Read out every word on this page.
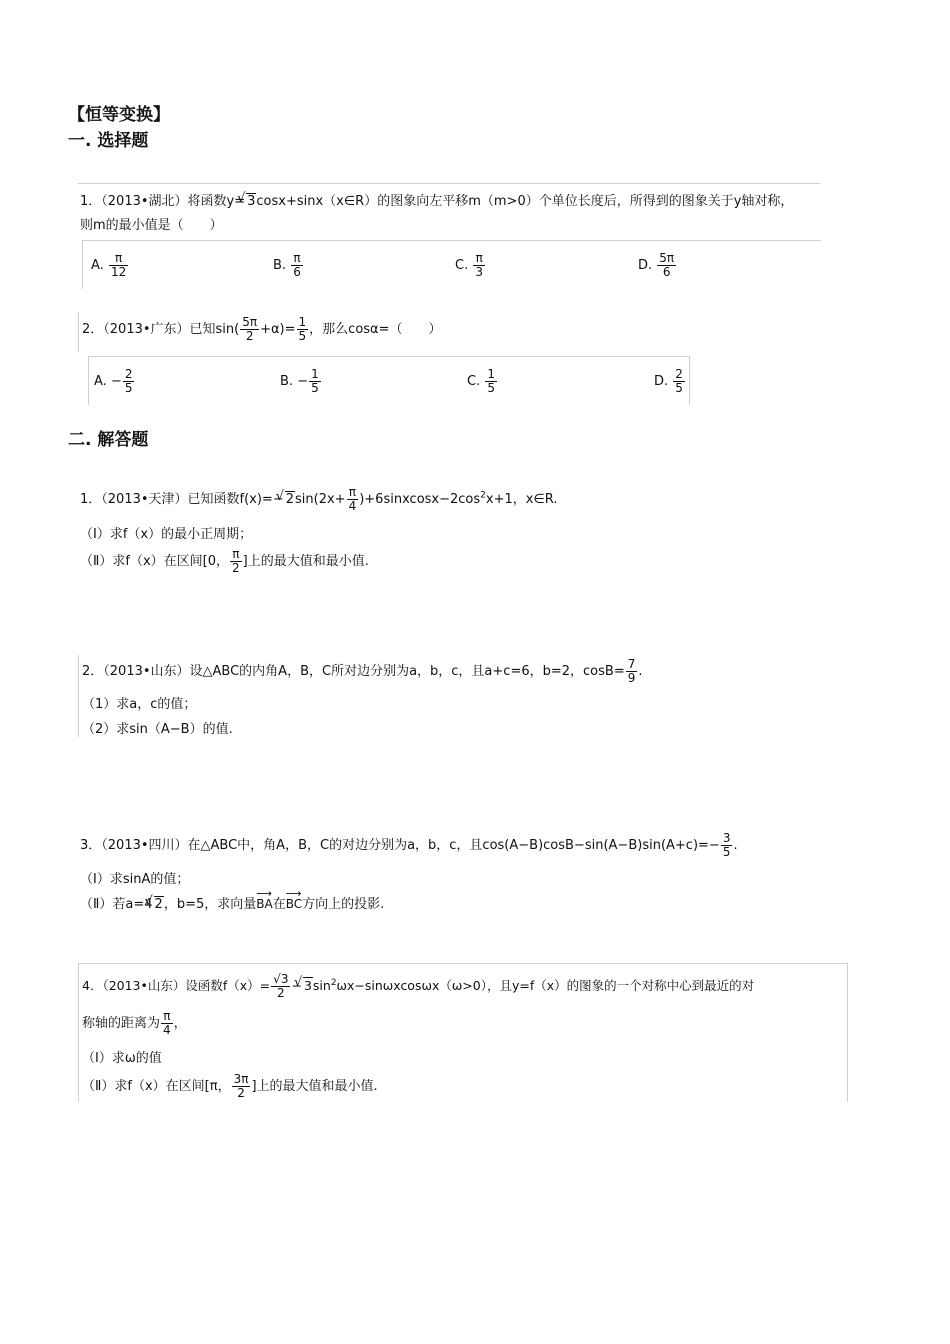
【恒等变换】
一. 选择题
1．（2013•湖北）将函数y= √ 3cosx+sinx（x∈R）的图象向左平移m（m>0）个单位长度后，所得到的图象关于y轴对称，
则m的最小值是（　　）
A. $\frac{\pi}{12}$	B. $\frac{\pi}{6}$	C. $\frac{\pi}{3}$	D. $\frac{5\pi}{6}$
2．（2013•广东）已知$\sin( \frac{5\pi}{2} +\alpha)= \frac{1}{5}$ ，那么cosα=（　　）
A. − $\frac{2}{5}$	B. − $\frac{1}{5}$	C. $\frac{1}{5}$	D. $\frac{2}{5}$
二. 解答题
1．（2013•天津）已知函数f(x)=− √ $2\sin(2x+ \frac{\pi}{4}$ )$+6sinxcosx-2\cos^2x+1$，x∈R.
（Ⅰ）求f（x）的最小正周期；
（Ⅱ）求f（x）在区间[0， $\frac{\pi}{2}$ ]上的最大值和最小值.
2．（2013•山东）设△ABC的内角A，B，C所对边分别为a，b，c，且a+c=6，b=2，$\cos B= \frac{7}{9}$ .
（1）求a，c的值；
（2）求sin（A−B）的值.
3．（2013•四川）在△ABC中，角A，B，C的对边分别为a，b，c，且$\cos(A-B)\cos B-\sin(A-B)\sin(A+c)=- \frac{3}{5}$ .
（Ⅰ）求sinA的值；
（Ⅱ）若a=4 √ 2，b=5，求向量⟶ BA在⟶ BC方向上的投影.
4．（2013•山东）设函数$f(x)= \frac{√3}{2}$ − √ $3\sin^2\omega x-\sin\omega xcos\omega x(\omega>0)$，且y=f（x）的图象的一个对称中心到最近的对
称轴的距离为 $\frac{\pi}{4}$ ，
（Ⅰ）求ω的值
（Ⅱ）求f（x）在区间[π， $\frac{3\pi}{2}$ ]上的最大值和最小值.
